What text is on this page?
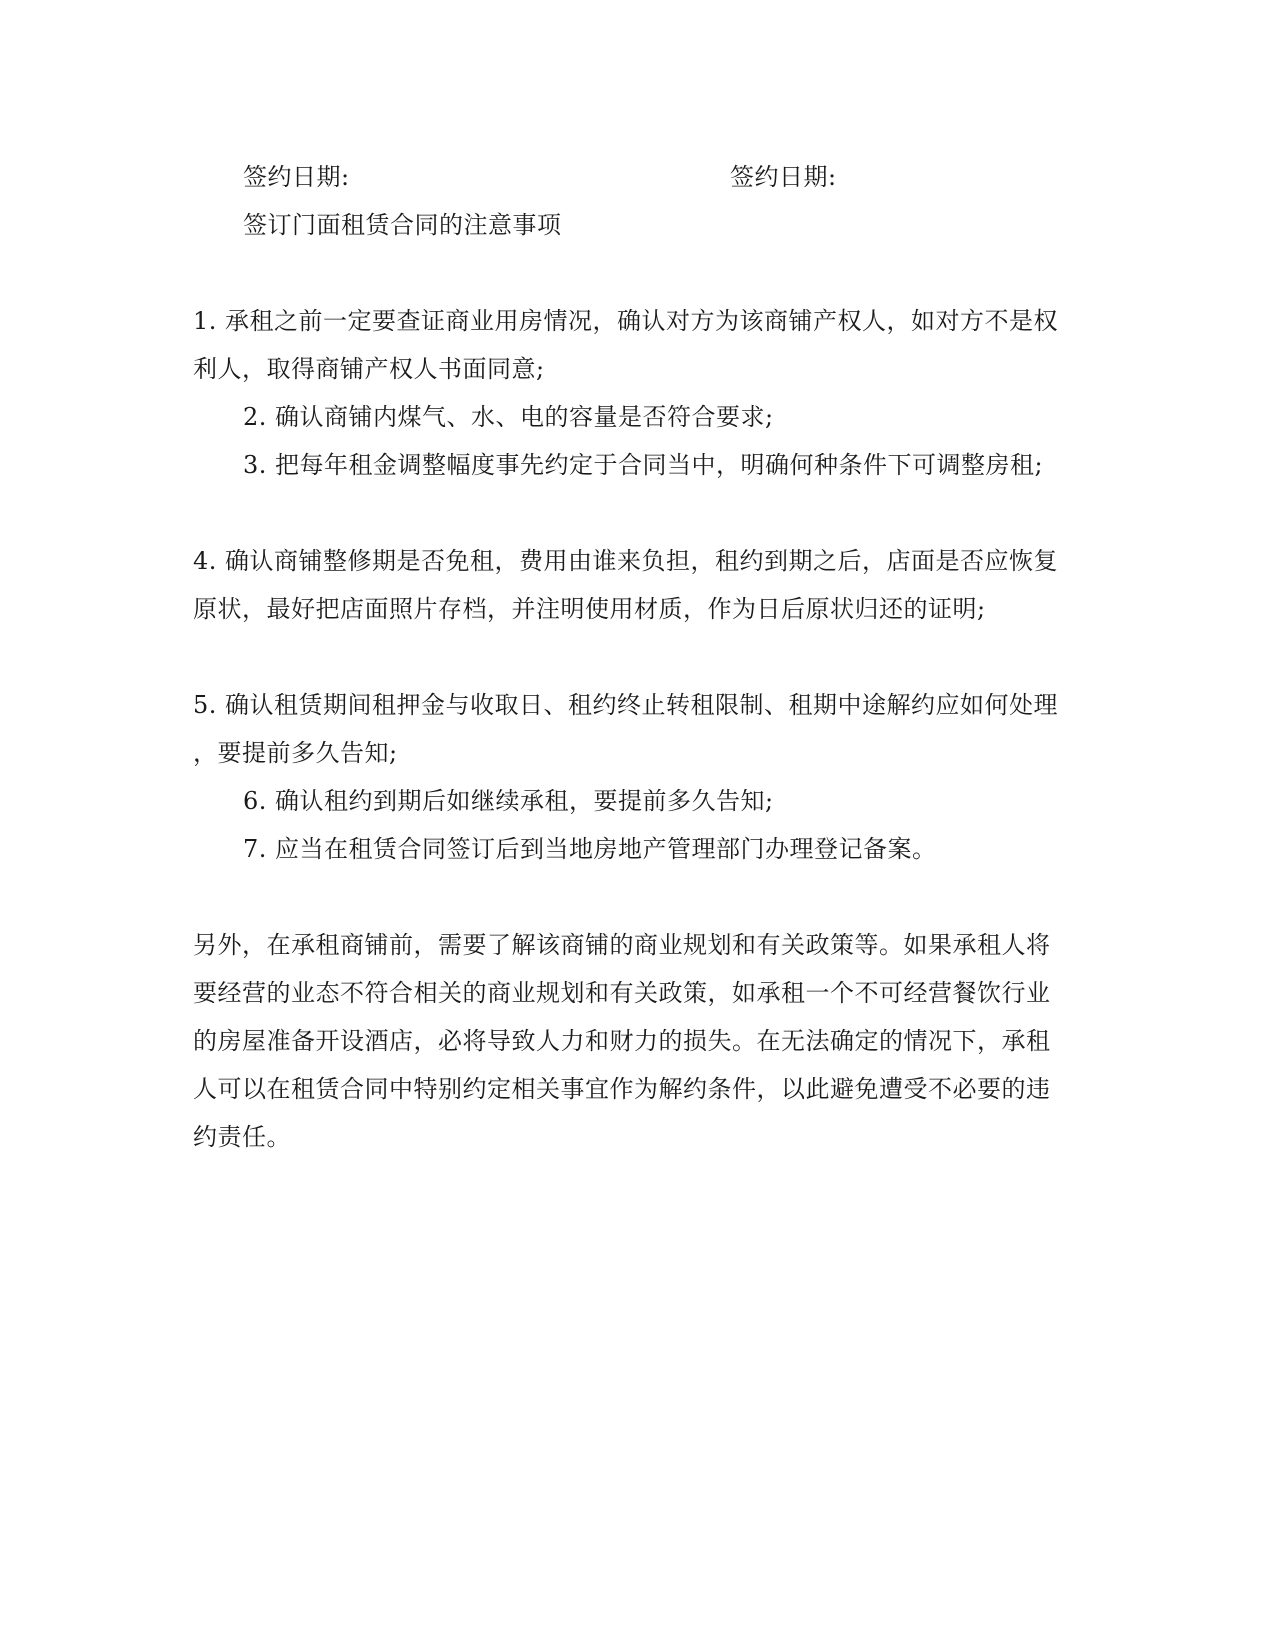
签约日期:	签约日期:
签订门面租赁合同的注意事项
1. 承租之前一定要查证商业用房情况，确认对方为该商铺产权人，如对方不是权
利人，取得商铺产权人书面同意;
2. 确认商铺内煤气、水、电的容量是否符合要求;
3. 把每年租金调整幅度事先约定于合同当中，明确何种条件下可调整房租;
4. 确认商铺整修期是否免租，费用由谁来负担，租约到期之后，店面是否应恢复
原状，最好把店面照片存档，并注明使用材质，作为日后原状归还的证明;
5. 确认租赁期间租押金与收取日、租约终止转租限制、租期中途解约应如何处理
，要提前多久告知;
6. 确认租约到期后如继续承租，要提前多久告知;
7. 应当在租赁合同签订后到当地房地产管理部门办理登记备案。
另外，在承租商铺前，需要了解该商铺的商业规划和有关政策等。如果承租人将
要经营的业态不符合相关的商业规划和有关政策，如承租一个不可经营餐饮行业
的房屋准备开设酒店，必将导致人力和财力的损失。在无法确定的情况下，承租
人可以在租赁合同中特别约定相关事宜作为解约条件，以此避免遭受不必要的违
约责任。
